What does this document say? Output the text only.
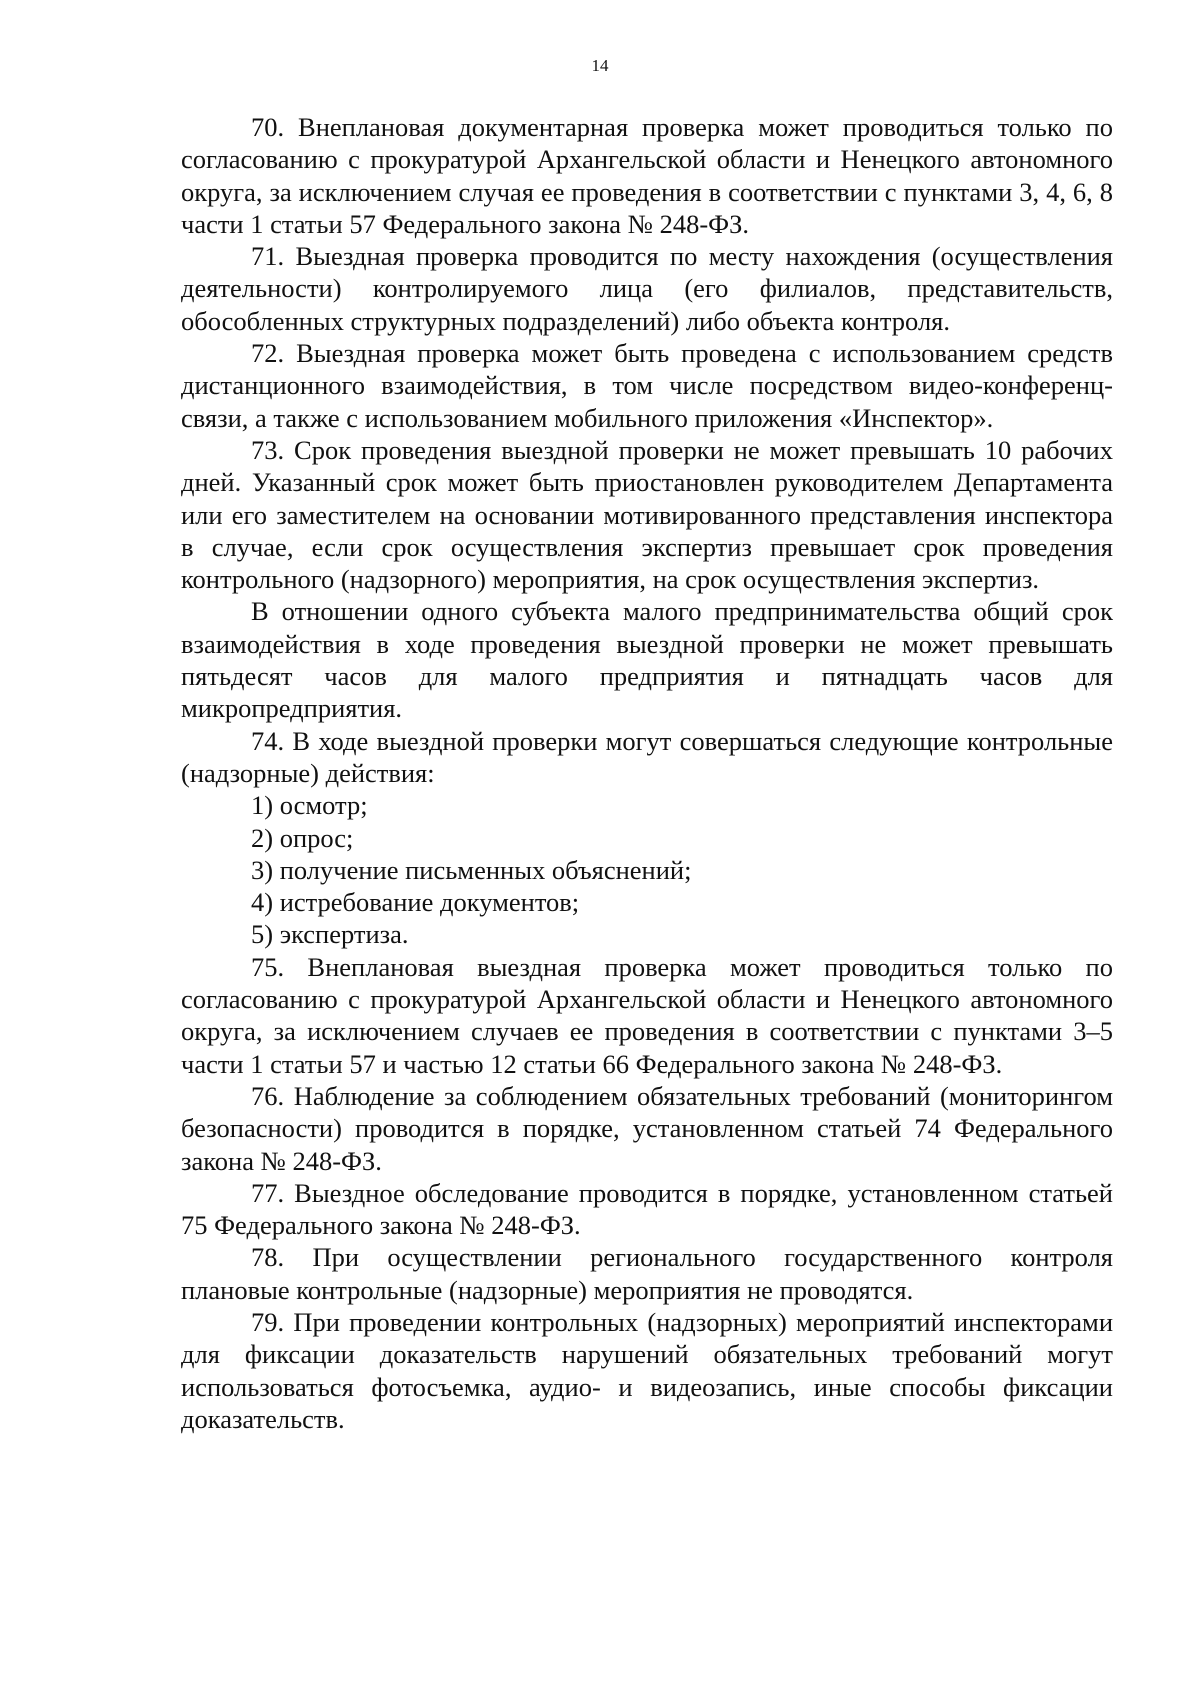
14

70. Внеплановая документарная проверка может проводиться только по согласованию с прокуратурой Архангельской области и Ненецкого автономного округа, за исключением случая ее проведения в соответствии с пунктами 3, 4, 6, 8 части 1 статьи 57 Федерального закона № 248-ФЗ.

71. Выездная проверка проводится по месту нахождения (осуществления деятельности) контролируемого лица (его филиалов, представительств, обособленных структурных подразделений) либо объекта контроля.

72. Выездная проверка может быть проведена с использованием средств дистанционного взаимодействия, в том числе посредством видео-конференц-связи, а также с использованием мобильного приложения «Инспектор».

73. Срок проведения выездной проверки не может превышать 10 рабочих дней. Указанный срок может быть приостановлен руководителем Департамента или его заместителем на основании мотивированного представления инспектора в случае, если срок осуществления экспертиз превышает срок проведения контрольного (надзорного) мероприятия, на срок осуществления экспертиз.

В отношении одного субъекта малого предпринимательства общий срок взаимодействия в ходе проведения выездной проверки не может превышать пятьдесят часов для малого предприятия и пятнадцать часов для микропредприятия.

74. В ходе выездной проверки могут совершаться следующие контрольные (надзорные) действия:

1) осмотр;

2) опрос;

3) получение письменных объяснений;

4) истребование документов;

5) экспертиза.

75. Внеплановая выездная проверка может проводиться только по согласованию с прокуратурой Архангельской области и Ненецкого автономного округа, за исключением случаев ее проведения в соответствии с пунктами 3–5 части 1 статьи 57 и частью 12 статьи 66 Федерального закона № 248-ФЗ.

76. Наблюдение за соблюдением обязательных требований (мониторингом безопасности) проводится в порядке, установленном статьей 74 Федерального закона № 248-ФЗ.

77. Выездное обследование проводится в порядке, установленном статьей 75 Федерального закона № 248-ФЗ.

78. При осуществлении регионального государственного контроля плановые контрольные (надзорные) мероприятия не проводятся.

79. При проведении контрольных (надзорных) мероприятий инспекторами для фиксации доказательств нарушений обязательных требований могут использоваться фотосъемка, аудио- и видеозапись, иные способы фиксации доказательств.
